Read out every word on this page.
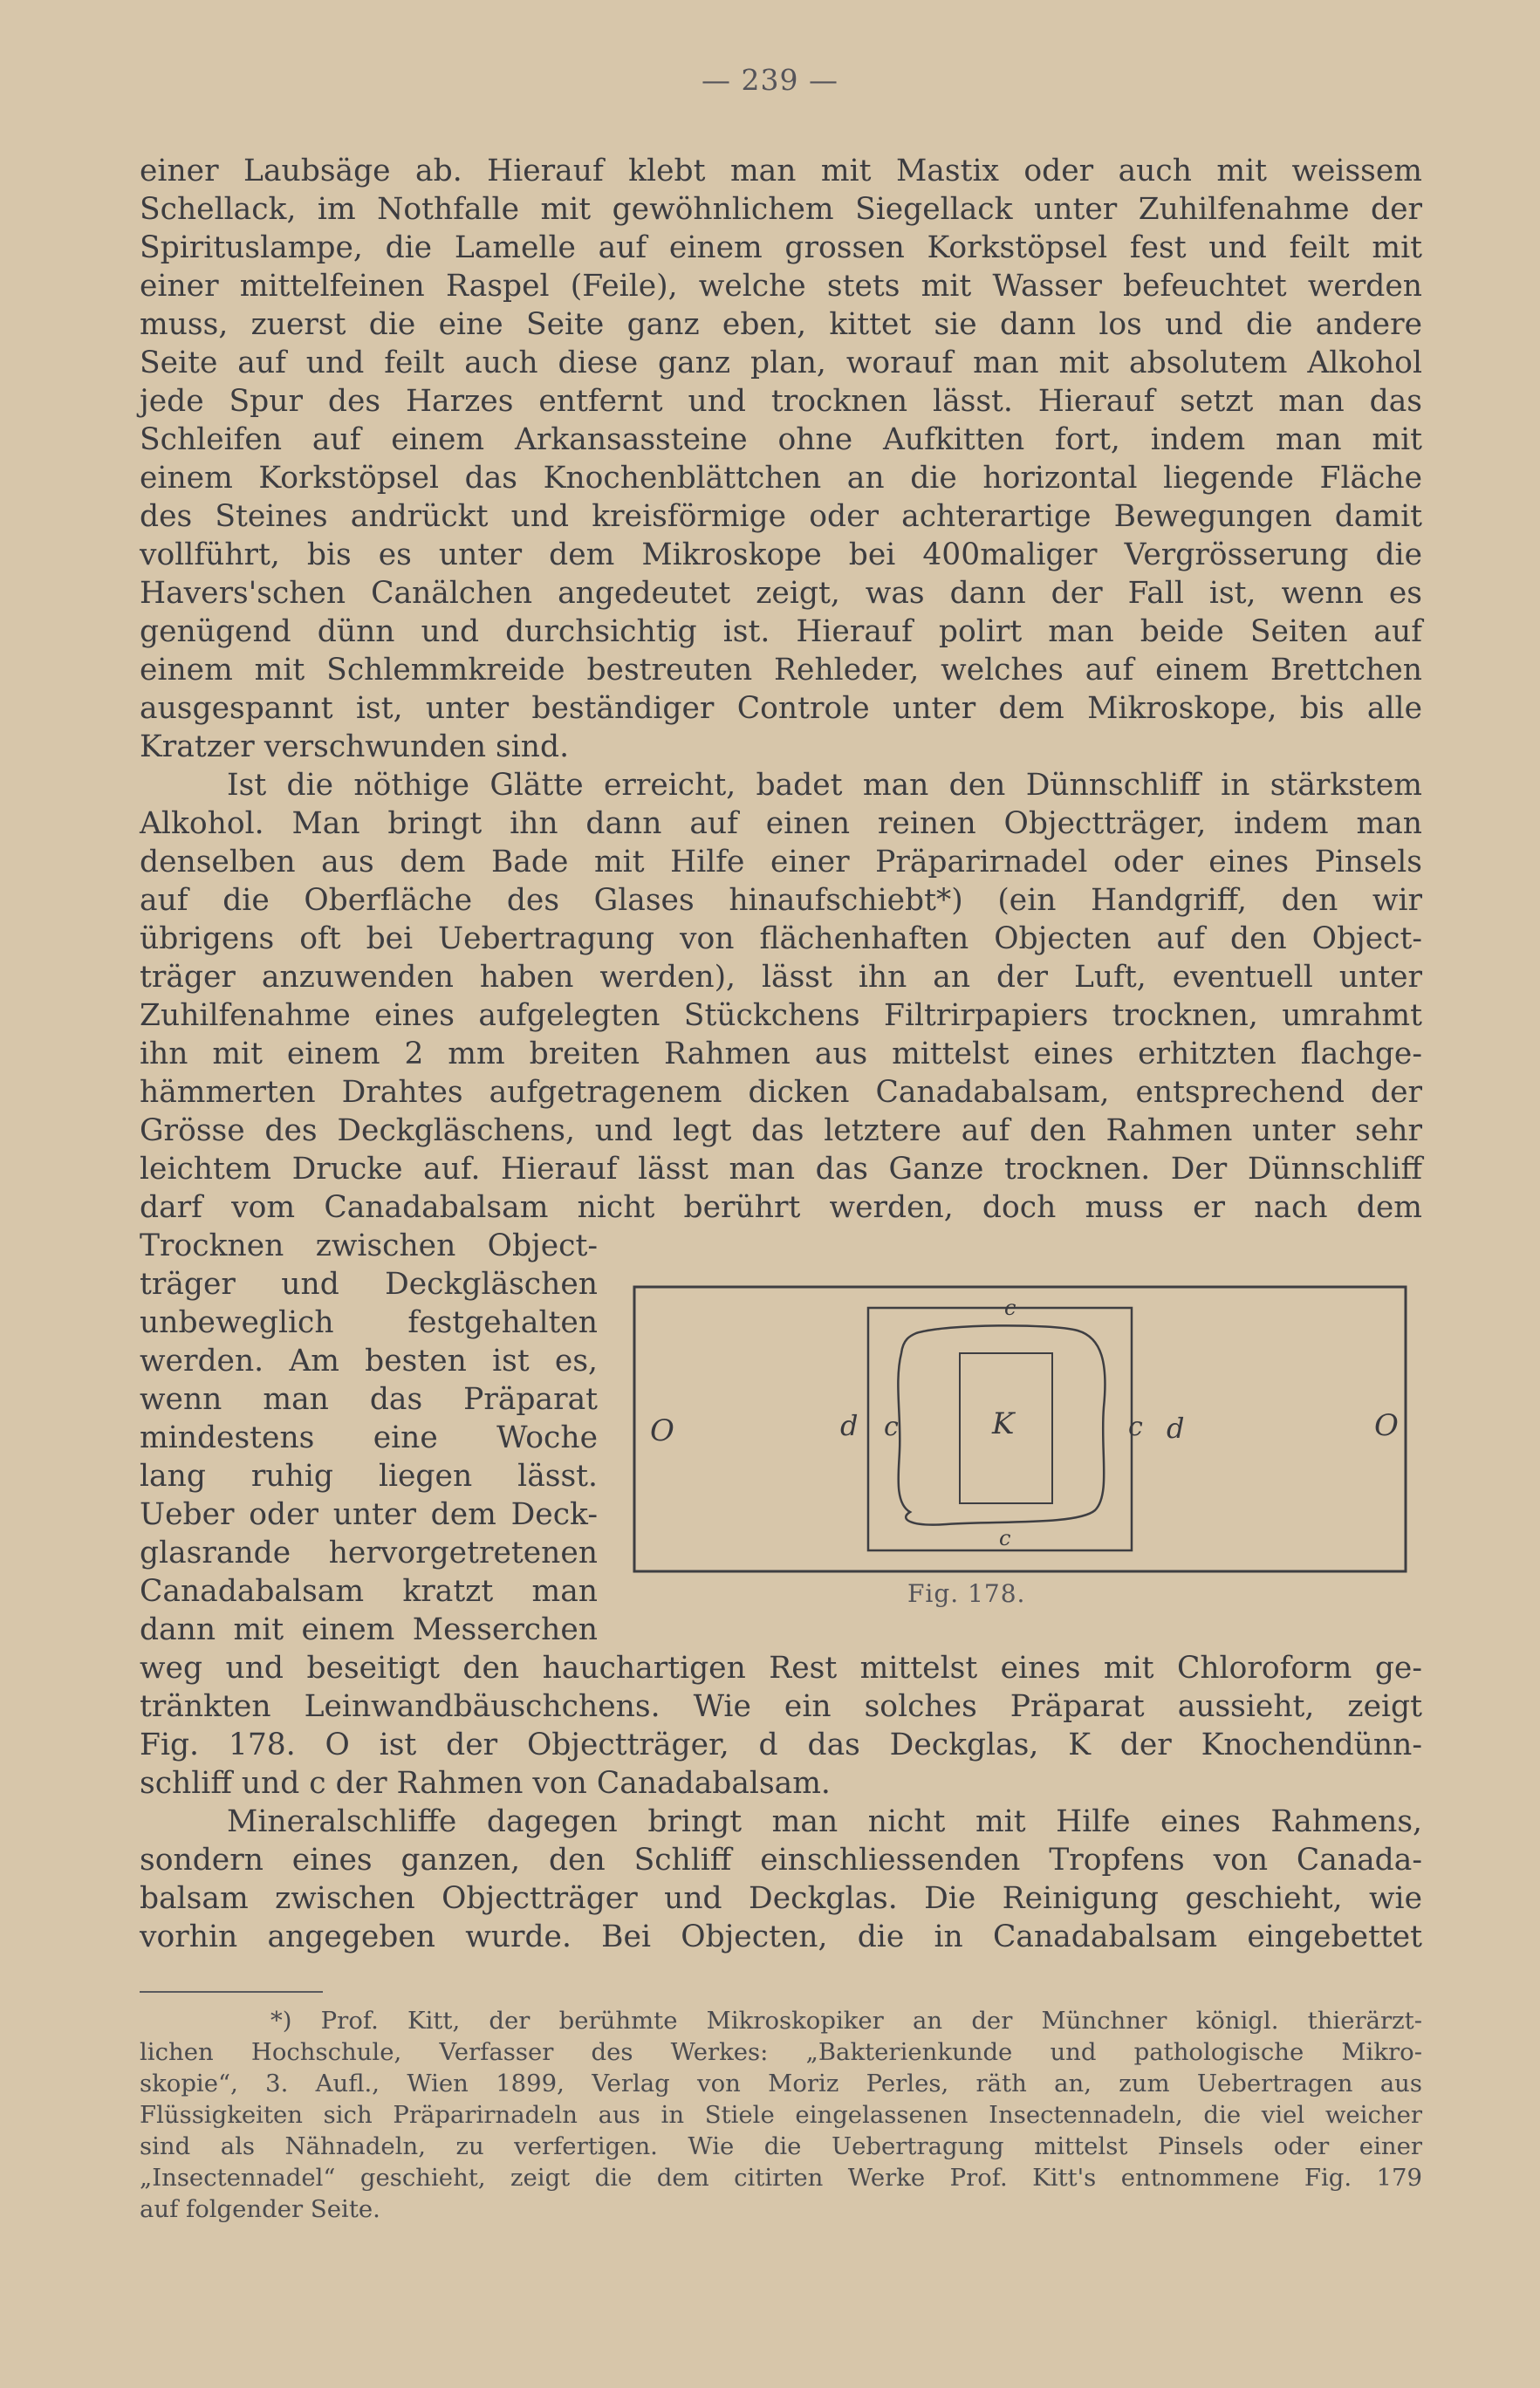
— 239 —
einer Laubsäge ab. Hierauf klebt man mit Mastix oder auch mit weissem
Schellack, im Nothfalle mit gewöhnlichem Siegellack unter Zuhilfenahme der
Spirituslampe, die Lamelle auf einem grossen Korkstöpsel fest und feilt mit
einer mittelfeinen Raspel (Feile), welche stets mit Wasser befeuchtet werden
muss, zuerst die eine Seite ganz eben, kittet sie dann los und die andere
Seite auf und feilt auch diese ganz plan, worauf man mit absolutem Alkohol
jede Spur des Harzes entfernt und trocknen lässt. Hierauf setzt man das
Schleifen auf einem Arkansassteine ohne Aufkitten fort, indem man mit
einem Korkstöpsel das Knochenblättchen an die horizontal liegende Fläche
des Steines andrückt und kreisförmige oder achterartige Bewegungen damit
vollführt, bis es unter dem Mikroskope bei 400maliger Vergrösserung die
Havers'schen Canälchen angedeutet zeigt, was dann der Fall ist, wenn es
genügend dünn und durchsichtig ist. Hierauf polirt man beide Seiten auf
einem mit Schlemmkreide bestreuten Rehleder, welches auf einem Brettchen
ausgespannt ist, unter beständiger Controle unter dem Mikroskope, bis alle
Kratzer verschwunden sind.
Ist die nöthige Glätte erreicht, badet man den Dünnschliff in stärkstem
Alkohol. Man bringt ihn dann auf einen reinen Objectträger, indem man
denselben aus dem Bade mit Hilfe einer Präparirnadel oder eines Pinsels
auf die Oberfläche des Glases hinaufschiebt*) (ein Handgriff, den wir
übrigens oft bei Uebertragung von flächenhaften Objecten auf den Object-
träger anzuwenden haben werden), lässt ihn an der Luft, eventuell unter
Zuhilfenahme eines aufgelegten Stückchens Filtrirpapiers trocknen, umrahmt
ihn mit einem 2 mm breiten Rahmen aus mittelst eines erhitzten flachge-
hämmerten Drahtes aufgetragenem dicken Canadabalsam, entsprechend der
Grösse des Deckgläschens, und legt das letztere auf den Rahmen unter sehr
leichtem Drucke auf. Hierauf lässt man das Ganze trocknen. Der Dünnschliff
darf vom Canadabalsam nicht berührt werden, doch muss er nach dem
Trocknen zwischen Object-
träger und Deckgläschen
unbeweglich festgehalten
werden. Am besten ist es,
wenn man das Präparat
mindestens eine Woche
lang ruhig liegen lässt.
Ueber oder unter dem Deck-
glasrande hervorgetretenen
Canadabalsam kratzt man
dann mit einem Messerchen
O	O
d	d
c	c
c
c
K
Fig. 178.
weg und beseitigt den hauchartigen Rest mittelst eines mit Chloroform ge-
tränkten Leinwandbäuschchens. Wie ein solches Präparat aussieht, zeigt
Fig. 178. O ist der Objectträger, d das Deckglas, K der Knochendünn-
schliff und c der Rahmen von Canadabalsam.
Mineralschliffe dagegen bringt man nicht mit Hilfe eines Rahmens,
sondern eines ganzen, den Schliff einschliessenden Tropfens von Canada-
balsam zwischen Objectträger und Deckglas. Die Reinigung geschieht, wie
vorhin angegeben wurde. Bei Objecten, die in Canadabalsam eingebettet
*) Prof. Kitt, der berühmte Mikroskopiker an der Münchner königl. thierärzt-
lichen Hochschule, Verfasser des Werkes: „Bakterienkunde und pathologische Mikro-
skopie“, 3. Aufl., Wien 1899, Verlag von Moriz Perles, räth an, zum Uebertragen aus
Flüssigkeiten sich Präparirnadeln aus in Stiele eingelassenen Insectennadeln, die viel weicher
sind als Nähnadeln, zu verfertigen. Wie die Uebertragung mittelst Pinsels oder einer
„Insectennadel“ geschieht, zeigt die dem citirten Werke Prof. Kitt's entnommene Fig. 179
auf folgender Seite.
